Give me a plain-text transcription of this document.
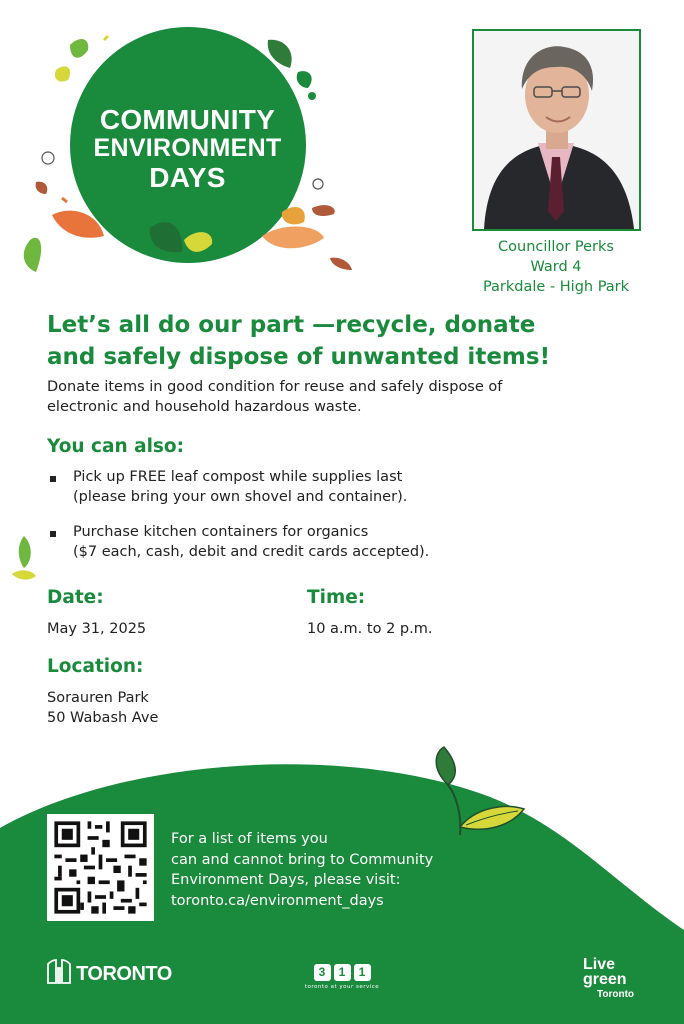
COMMUNITY
ENVIRONMENT
DAYS
Councillor Perks
Ward 4
Parkdale - High Park
Let’s all do our part —recycle, donate
and safely dispose of unwanted items!
Donate items in good condition for reuse and safely dispose of
electronic and household hazardous waste.
You can also:
Pick up FREE leaf compost while supplies last
(please bring your own shovel and container).
Purchase kitchen containers for organics
($7 each, cash, debit and credit cards accepted).
Date:
May 31, 2025
Time:
10 a.m. to 2 p.m.
Location:
Sorauren Park
50 Wabash Ave
For a list of items you
can and cannot bring to Community
Environment Days, please visit:
toronto.ca/environment_days
TORONTO	3	1	1
toronto at your service
Live
green
Toronto
